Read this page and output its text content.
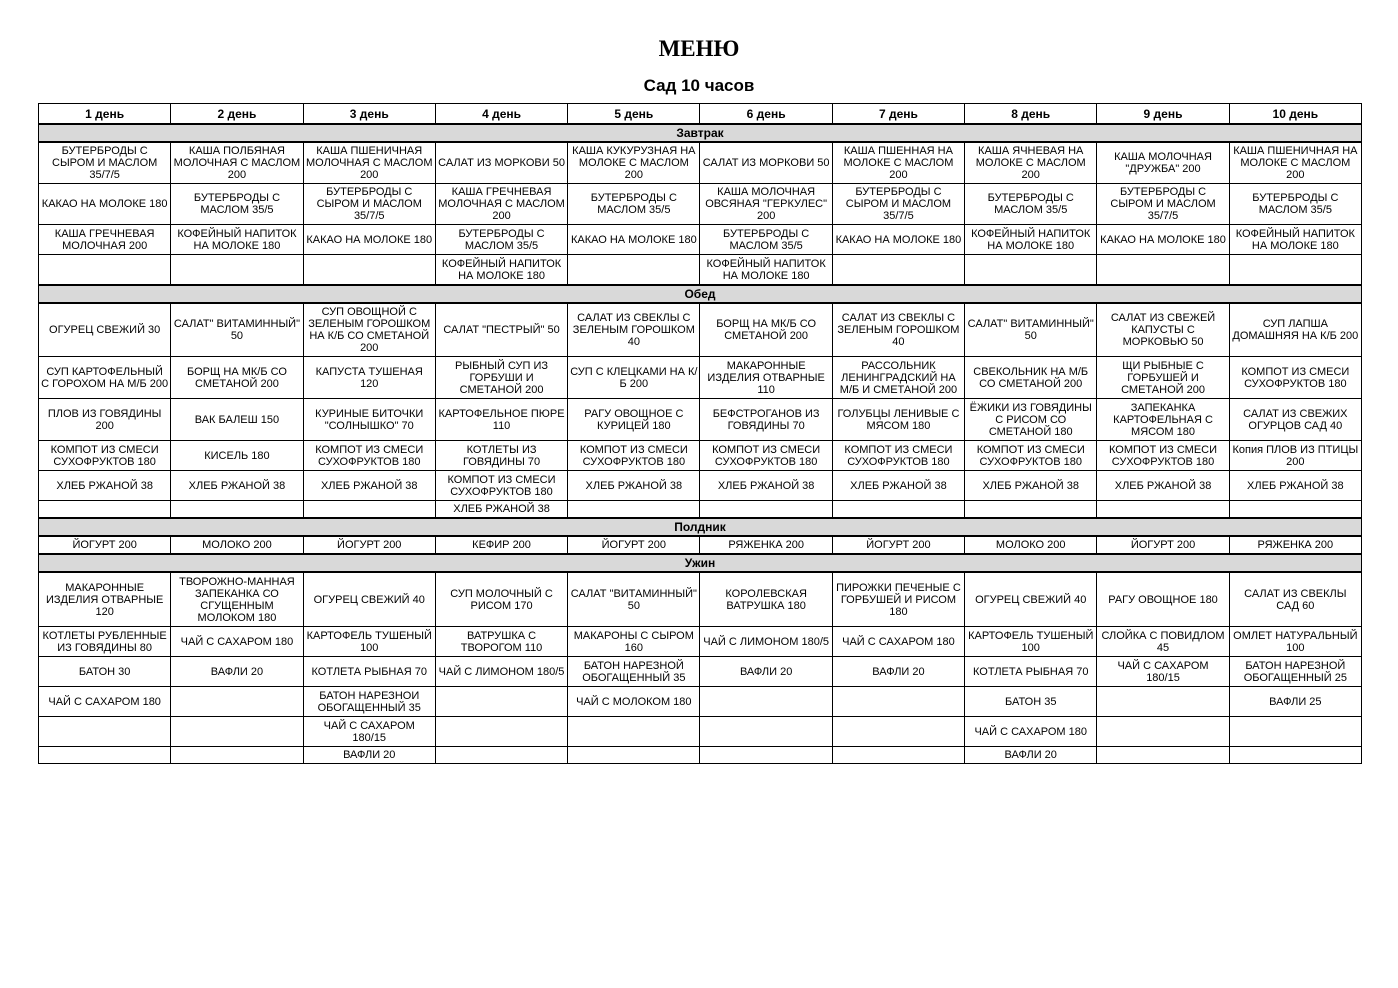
МЕНЮ
Сад 10 часов
1 день	2 день	3 день	4 день	5 день	6 день	7 день	8 день	9 день	10 день
Завтрак									
БУТЕРБРОДЫ С СЫРОМ И МАСЛОМ 35/7/5	КАША ПОЛБЯНАЯ МОЛОЧНАЯ С МАСЛОМ 200	КАША ПШЕНИЧНАЯ МОЛОЧНАЯ С МАСЛОМ 200	САЛАТ ИЗ МОРКОВИ 50	КАША КУКУРУЗНАЯ НА МОЛОКЕ С МАСЛОМ 200	САЛАТ ИЗ МОРКОВИ 50	КАША ПШЕННАЯ НА МОЛОКЕ С МАСЛОМ 200	КАША ЯЧНЕВАЯ НА МОЛОКЕ С МАСЛОМ 200	КАША МОЛОЧНАЯ "ДРУЖБА" 200	КАША ПШЕНИЧНАЯ НА МОЛОКЕ С МАСЛОМ 200
КАКАО НА МОЛОКЕ 180	БУТЕРБРОДЫ С МАСЛОМ 35/5	БУТЕРБРОДЫ С СЫРОМ И МАСЛОМ 35/7/5	КАША ГРЕЧНЕВАЯ МОЛОЧНАЯ С МАСЛОМ 200	БУТЕРБРОДЫ С МАСЛОМ 35/5	КАША МОЛОЧНАЯ ОВСЯНАЯ "ГЕРКУЛЕС" 200	БУТЕРБРОДЫ С СЫРОМ И МАСЛОМ 35/7/5	БУТЕРБРОДЫ С МАСЛОМ 35/5	БУТЕРБРОДЫ С СЫРОМ И МАСЛОМ 35/7/5	БУТЕРБРОДЫ С МАСЛОМ 35/5
КАША ГРЕЧНЕВАЯ МОЛОЧНАЯ 200	КОФЕЙНЫЙ НАПИТОК НА МОЛОКЕ 180	КАКАО НА МОЛОКЕ 180	БУТЕРБРОДЫ С МАСЛОМ 35/5	КАКАО НА МОЛОКЕ 180	БУТЕРБРОДЫ С МАСЛОМ 35/5	КАКАО НА МОЛОКЕ 180	КОФЕЙНЫЙ НАПИТОК НА МОЛОКЕ 180	КАКАО НА МОЛОКЕ 180	КОФЕЙНЫЙ НАПИТОК НА МОЛОКЕ 180
			КОФЕЙНЫЙ НАПИТОК НА МОЛОКЕ 180		КОФЕЙНЫЙ НАПИТОК НА МОЛОКЕ 180				
Обед									
ОГУРЕЦ СВЕЖИЙ 30	САЛАТ" ВИТАМИННЫЙ" 50	СУП ОВОЩНОЙ С ЗЕЛЕНЫМ ГОРОШКОМ НА К/Б СО СМЕТАНОЙ 200	САЛАТ "ПЕСТРЫЙ" 50	САЛАТ ИЗ СВЕКЛЫ С ЗЕЛЕНЫМ ГОРОШКОМ 40	БОРЩ НА МК/Б СО СМЕТАНОЙ 200	САЛАТ ИЗ СВЕКЛЫ С ЗЕЛЕНЫМ ГОРОШКОМ 40	САЛАТ" ВИТАМИННЫЙ" 50	САЛАТ ИЗ СВЕЖЕЙ КАПУСТЫ С МОРКОВЬЮ 50	СУП ЛАПША ДОМАШНЯЯ НА К/Б 200
СУП КАРТОФЕЛЬНЫЙ С ГОРОХОМ НА М/Б 200	БОРЩ НА МК/Б СО СМЕТАНОЙ 200	КАПУСТА ТУШЕНАЯ 120	РЫБНЫЙ СУП ИЗ ГОРБУШИ И СМЕТАНОЙ 200	СУП С КЛЕЦКАМИ НА К/Б 200	МАКАРОННЫЕ ИЗДЕЛИЯ ОТВАРНЫЕ 110	РАССОЛЬНИК ЛЕНИНГРАДСКИЙ НА М/Б И СМЕТАНОЙ 200	СВЕКОЛЬНИК НА М/Б СО СМЕТАНОЙ 200	ЩИ РЫБНЫЕ С ГОРБУШЕЙ И СМЕТАНОЙ 200	КОМПОТ ИЗ СМЕСИ СУХОФРУКТОВ 180
ПЛОВ ИЗ ГОВЯДИНЫ 200	ВАК БАЛЕШ 150	КУРИНЫЕ БИТОЧКИ "СОЛНЫШКО" 70	КАРТОФЕЛЬНОЕ ПЮРЕ 110	РАГУ ОВОЩНОЕ С КУРИЦЕЙ 180	БЕФСТРОГАНОВ ИЗ ГОВЯДИНЫ 70	ГОЛУБЦЫ ЛЕНИВЫЕ С МЯСОМ 180	ЁЖИКИ ИЗ ГОВЯДИНЫ С РИСОМ СО СМЕТАНОЙ 180	ЗАПЕКАНКА КАРТОФЕЛЬНАЯ С МЯСОМ 180	САЛАТ ИЗ СВЕЖИХ ОГУРЦОВ САД 40
КОМПОТ ИЗ СМЕСИ СУХОФРУКТОВ 180	КИСЕЛЬ 180	КОМПОТ ИЗ СМЕСИ СУХОФРУКТОВ 180	КОТЛЕТЫ ИЗ ГОВЯДИНЫ 70	КОМПОТ ИЗ СМЕСИ СУХОФРУКТОВ 180	КОМПОТ ИЗ СМЕСИ СУХОФРУКТОВ 180	КОМПОТ ИЗ СМЕСИ СУХОФРУКТОВ 180	КОМПОТ ИЗ СМЕСИ СУХОФРУКТОВ 180	КОМПОТ ИЗ СМЕСИ СУХОФРУКТОВ 180	Копия ПЛОВ ИЗ ПТИЦЫ 200
ХЛЕБ РЖАНОЙ 38	ХЛЕБ РЖАНОЙ 38	ХЛЕБ РЖАНОЙ 38	КОМПОТ ИЗ СМЕСИ СУХОФРУКТОВ 180	ХЛЕБ РЖАНОЙ 38	ХЛЕБ РЖАНОЙ 38	ХЛЕБ РЖАНОЙ 38	ХЛЕБ РЖАНОЙ 38	ХЛЕБ РЖАНОЙ 38	ХЛЕБ РЖАНОЙ 38
			ХЛЕБ РЖАНОЙ 38						
Полдник									
ЙОГУРТ 200	МОЛОКО 200	ЙОГУРТ 200	КЕФИР 200	ЙОГУРТ 200	РЯЖЕНКА 200	ЙОГУРТ 200	МОЛОКО 200	ЙОГУРТ 200	РЯЖЕНКА 200
Ужин									
МАКАРОННЫЕ ИЗДЕЛИЯ ОТВАРНЫЕ 120	ТВОРОЖНО-МАННАЯ ЗАПЕКАНКА СО СГУЩЕННЫМ МОЛОКОМ 180	ОГУРЕЦ СВЕЖИЙ 40	СУП МОЛОЧНЫЙ С РИСОМ 170	САЛАТ "ВИТАМИННЫЙ" 50	КОРОЛЕВСКАЯ ВАТРУШКА 180	ПИРОЖКИ ПЕЧЕНЫЕ С ГОРБУШЕЙ И РИСОМ 180	ОГУРЕЦ СВЕЖИЙ 40	РАГУ ОВОЩНОЕ 180	САЛАТ ИЗ СВЕКЛЫ САД 60
КОТЛЕТЫ РУБЛЕННЫЕ ИЗ ГОВЯДИНЫ 80	ЧАЙ С САХАРОМ 180	КАРТОФЕЛЬ ТУШЕНЫЙ 100	ВАТРУШКА С ТВОРОГОМ 110	МАКАРОНЫ С СЫРОМ 160	ЧАЙ С ЛИМОНОМ 180/5	ЧАЙ С САХАРОМ 180	КАРТОФЕЛЬ ТУШЕНЫЙ 100	СЛОЙКА С ПОВИДЛОМ 45	ОМЛЕТ НАТУРАЛЬНЫЙ 100
БАТОН 30	ВАФЛИ 20	КОТЛЕТА РЫБНАЯ 70	ЧАЙ С ЛИМОНОМ 180/5	БАТОН НАРЕЗНОЙ ОБОГАЩЕННЫЙ 35	ВАФЛИ 20	ВАФЛИ 20	КОТЛЕТА РЫБНАЯ 70	ЧАЙ С САХАРОМ 180/15	БАТОН НАРЕЗНОЙ ОБОГАЩЕННЫЙ 25
ЧАЙ С САХАРОМ 180		БАТОН НАРЕЗНОИ ОБОГАЩЕННЫЙ 35		ЧАЙ С МОЛОКОМ 180			БАТОН 35		ВАФЛИ 25
		ЧАЙ С САХАРОМ 180/15					ЧАЙ С САХАРОМ 180		
		ВАФЛИ 20					ВАФЛИ 20		
